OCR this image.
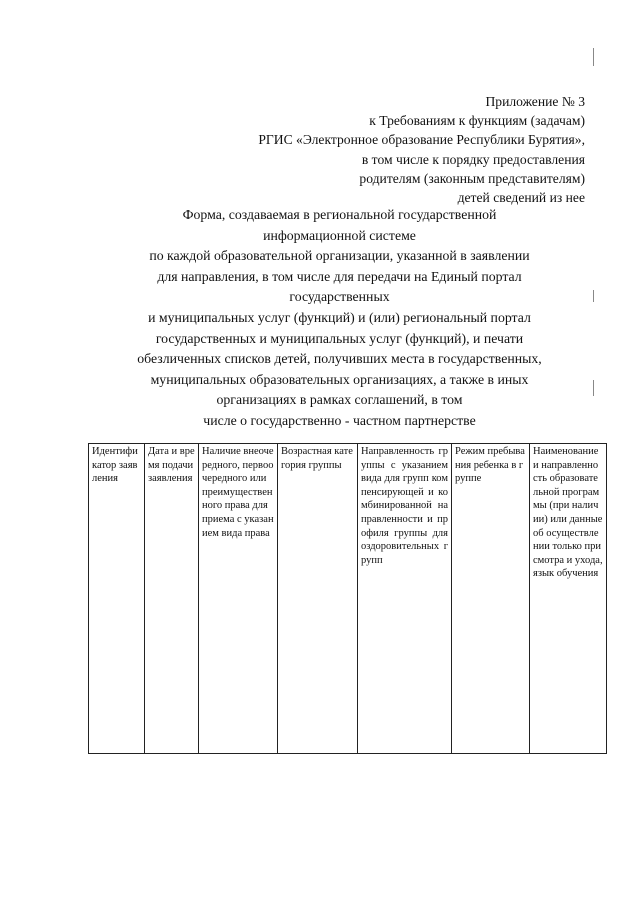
Приложение № 3
к Требованиям к функциям (задачам)
РГИС «Электронное образование Республики Бурятия»,
в том числе к порядку предоставления
родителям (законным представителям)
детей сведений из нее
Форма, создаваемая в региональной государственной
информационной системе
по каждой образовательной организации, указанной в заявлении
для направления, в том числе для передачи на Единый портал
государственных
и муниципальных услуг (функций) и (или) региональный портал
государственных и муниципальных услуг (функций), и печати
обезличенных списков детей, получивших места в государственных,
муниципальных образовательных организациях, а также в иных
организациях в рамках соглашений, в том
числе о государственно - частном партнерстве
Идентификатор заявления	Дата и время подачи заявления	Наличие внеочередного, первоочередного или преимущественного права для приема с указанием вида права	Возрастная категория группы	Направленность группы с указанием вида для групп компенсирующей и комбинированной направленности и профиля группы для оздоровительных групп	Режим пребывания ребенка в группе	Наименование и направленность образовательной программы (при наличии) или данные об осуществлении только присмотра и ухода, язык обучения
